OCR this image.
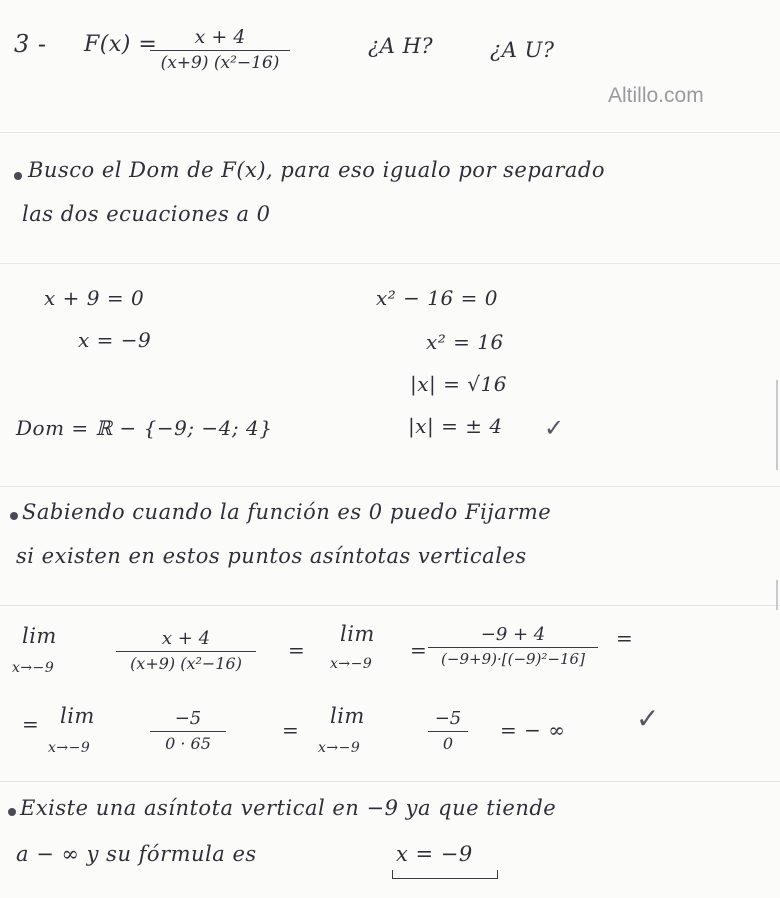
3 - F(x) =	x + 4
(x+9) (x²−16)
¿A H?	¿A U?
Altillo.com
Busco el Dom de F(x), para eso igualo por separado
las dos ecuaciones a 0
x + 9 = 0
x = −9
x² − 16 = 0
x² = 16
|x| = √16
|x| = ± 4
Dom = ℝ − {−9; −4; 4}	✓
Sabiendo cuando la función es 0 puedo Fijarme
si existen en estos puntos asíntotas verticales
lim
x→−9
x + 4
(x+9) (x²−16)
=
lim
x→−9
=
−9 + 4
(−9+9)·[(−9)²−16]
=
= lim
x→−9
−5
0 · 65
=
lim
x→−9
−5
0
= − ∞	✓
Existe una asíntota vertical en −9 ya que tiende
a − ∞ y su fórmula es	x = −9
